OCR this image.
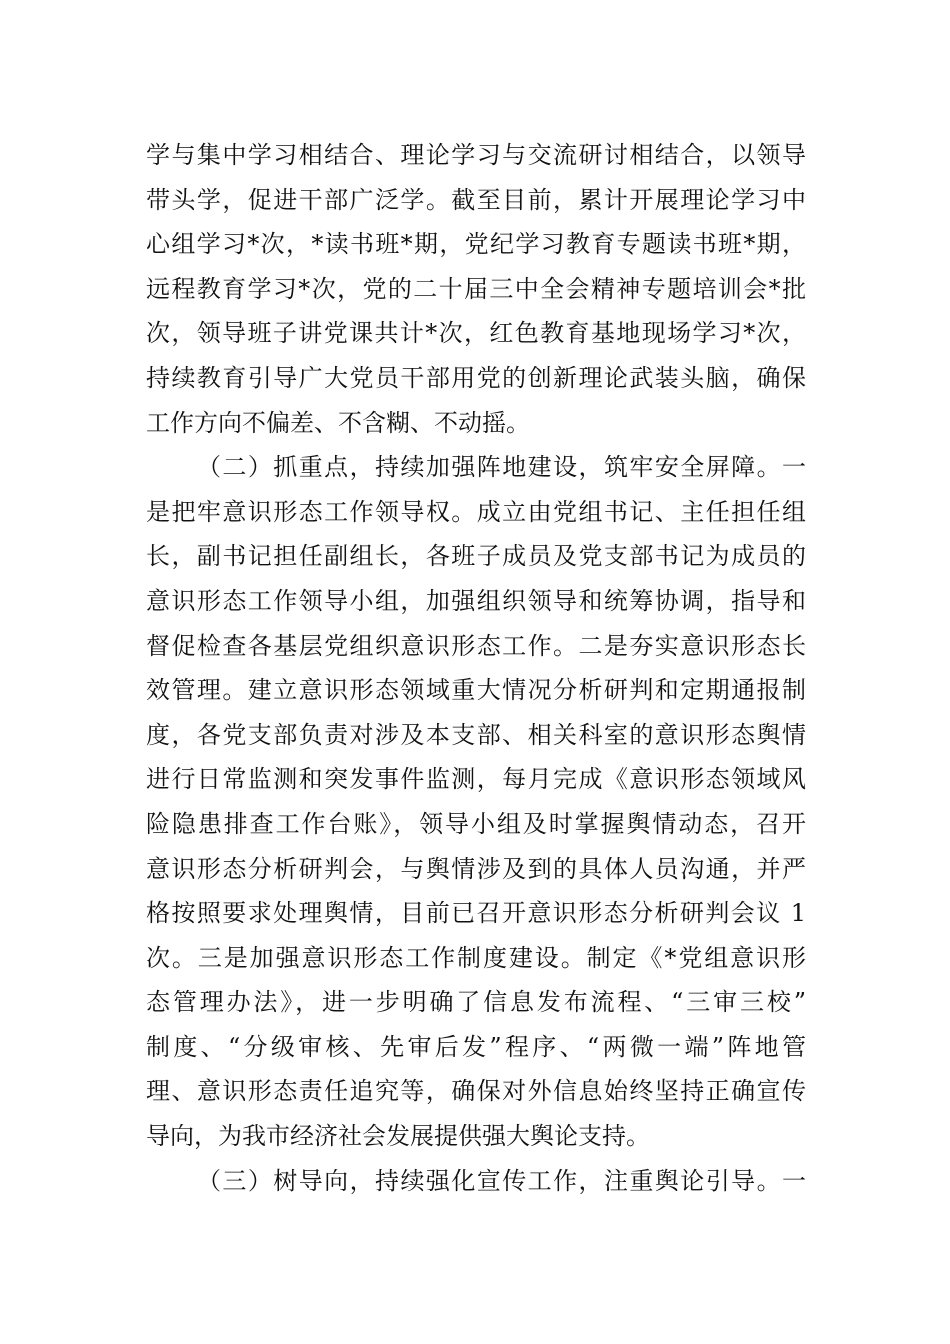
学与集中学习相结合、理论学习与交流研讨相结合，以领导
带头学，促进干部广泛学。截至目前，累计开展理论学习中
心组学习*次，*读书班*期，党纪学习教育专题读书班*期，
远程教育学习*次，党的二十届三中全会精神专题培训会*批
次，领导班子讲党课共计*次，红色教育基地现场学习*次，
持续教育引导广大党员干部用党的创新理论武装头脑，确保
工作方向不偏差、不含糊、不动摇。
（二）抓重点，持续加强阵地建设，筑牢安全屏障。一
是把牢意识形态工作领导权。成立由党组书记、主任担任组
长，副书记担任副组长，各班子成员及党支部书记为成员的
意识形态工作领导小组，加强组织领导和统筹协调，指导和
督促检查各基层党组织意识形态工作。二是夯实意识形态长
效管理。建立意识形态领域重大情况分析研判和定期通报制
度，各党支部负责对涉及本支部、相关科室的意识形态舆情
进行日常监测和突发事件监测，每月完成《意识形态领域风
险隐患排查工作台账》，领导小组及时掌握舆情动态，召开
意识形态分析研判会，与舆情涉及到的具体人员沟通，并严
格按照要求处理舆情，目前已召开意识形态分析研判会议 1
次。三是加强意识形态工作制度建设。制定《*党组意识形
态管理办法》，进一步明确了信息发布流程、“三审三校”
制度、“分级审核、先审后发”程序、“两微一端”阵地管
理、意识形态责任追究等，确保对外信息始终坚持正确宣传
导向，为我市经济社会发展提供强大舆论支持。
（三）树导向，持续强化宣传工作，注重舆论引导。一
